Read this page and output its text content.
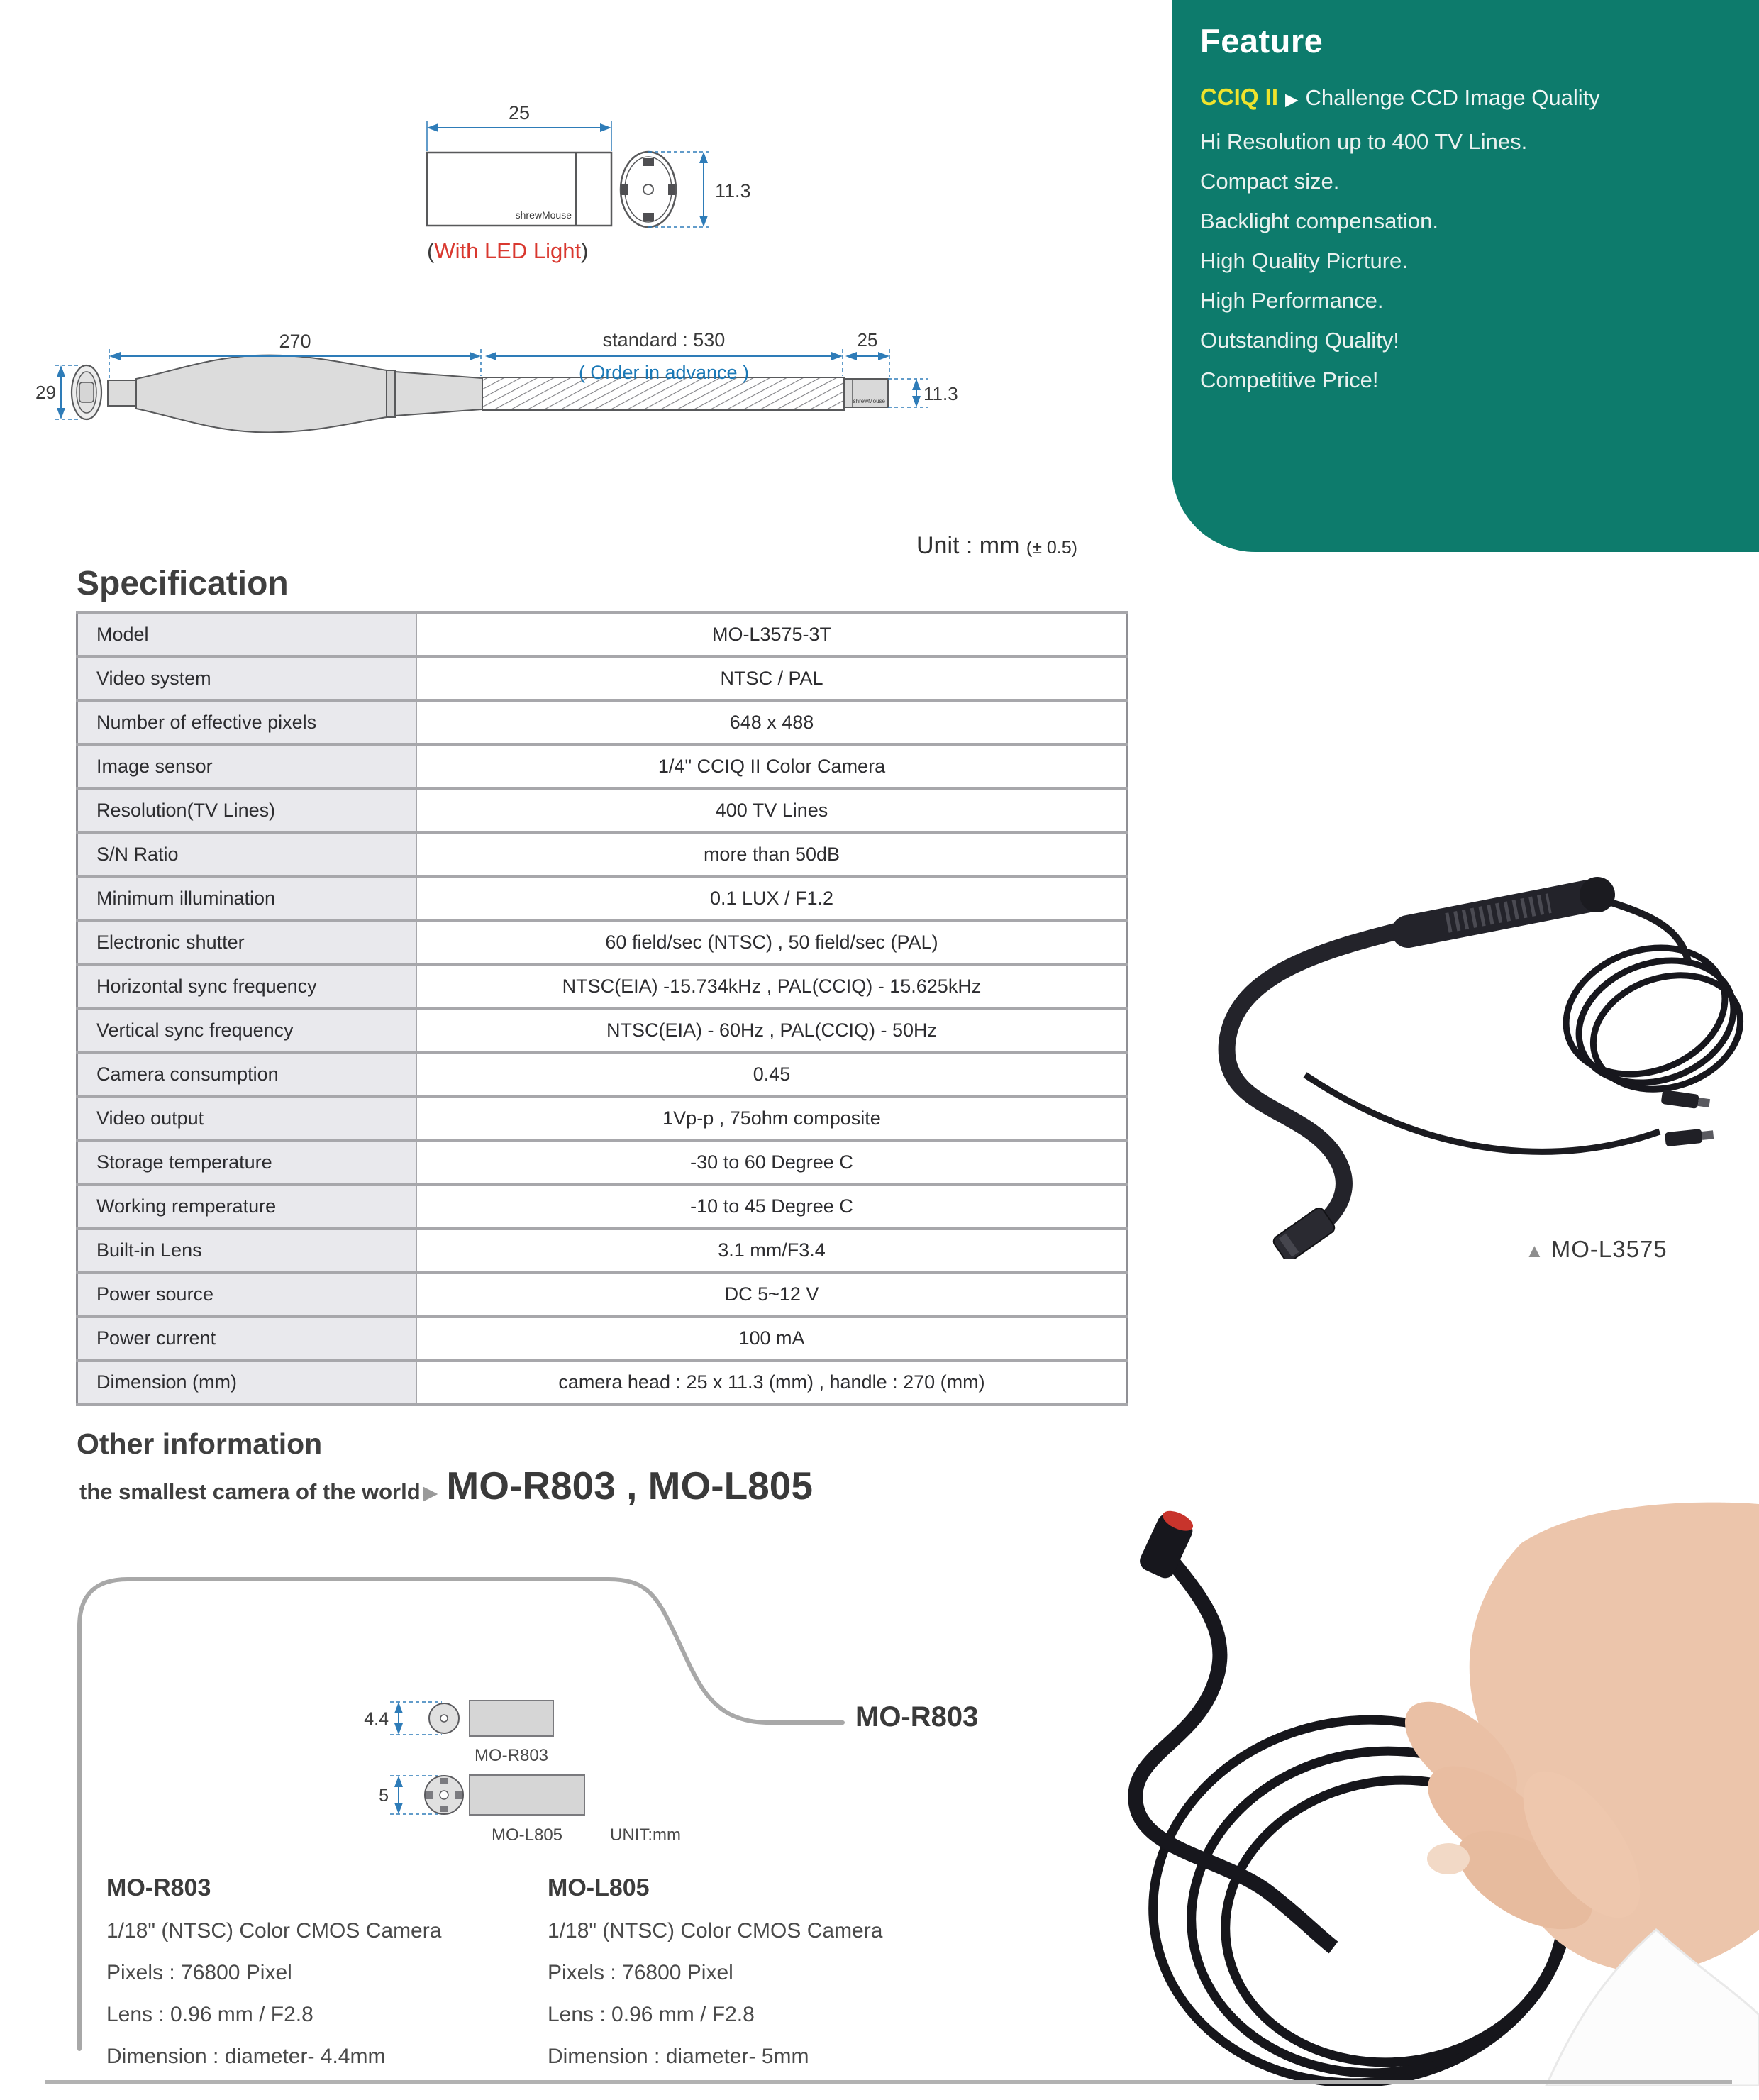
Feature
CCIQ II ▶ Challenge CCD Image Quality
Hi Resolution up to 400 TV Lines.
Compact size.
Backlight compensation.
High Quality Picrture.
High Performance.
Outstanding Quality!
Competitive Price!
25
shrewMouse
11.3
(With LED Light)
29	shrewMouse
270	standard : 530
( Order in advance )
25
11.3
Unit : mm (± 0.5)
Specification
Model	MO-L3575-3T
Video system	NTSC / PAL
Number of effective pixels	648 x 488
Image sensor	1/4" CCIQ II Color Camera
Resolution(TV Lines)	400 TV Lines
S/N Ratio	more than 50dB
Minimum illumination	0.1 LUX / F1.2
Electronic shutter	60 field/sec (NTSC) , 50 field/sec (PAL)
Horizontal sync frequency	NTSC(EIA) -15.734kHz , PAL(CCIQ) - 15.625kHz
Vertical sync frequency	NTSC(EIA) - 60Hz , PAL(CCIQ) - 50Hz
Camera consumption	0.45
Video output	1Vp-p , 75ohm composite
Storage temperature	-30 to 60 Degree C
Working remperature	-10 to 45 Degree C
Built-in Lens	3.1 mm/F3.4
Power source	DC 5~12 V
Power current	100 mA
Dimension (mm)	camera head : 25 x 11.3 (mm) , handle : 270 (mm)
▲ MO-L3575
Other information
the smallest camera of the world ▶ MO-R803 , MO-L805
4.4
MO-R803
5
MO-L805	UNIT:mm
MO-R803
MO-R803
1/18" (NTSC) Color CMOS Camera
Pixels : 76800 Pixel
Lens : 0.96 mm / F2.8
Dimension : diameter- 4.4mm
MO-L805
1/18" (NTSC) Color CMOS Camera
Pixels : 76800 Pixel
Lens : 0.96 mm / F2.8
Dimension : diameter- 5mm
